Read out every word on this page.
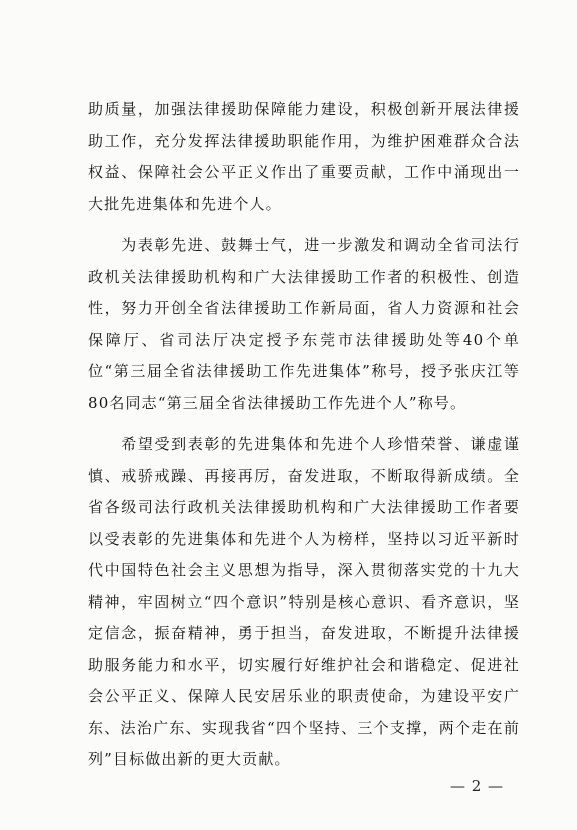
助质量，加强法律援助保障能力建设，积极创新开展法律援助工作，充分发挥法律援助职能作用，为维护困难群众合法权益、保障社会公平正义作出了重要贡献，工作中涌现出一大批先进集体和先进个人。

　　为表彰先进、鼓舞士气，进一步激发和调动全省司法行政机关法律援助机构和广大法律援助工作者的积极性、创造性，努力开创全省法律援助工作新局面，省人力资源和社会保障厅、省司法厅决定授予东莞市法律援助处等40个单位“第三届全省法律援助工作先进集体”称号，授予张庆江等80名同志“第三届全省法律援助工作先进个人”称号。

　　希望受到表彰的先进集体和先进个人珍惜荣誉、谦虚谨慎、戒骄戒躁、再接再厉，奋发进取，不断取得新成绩。全省各级司法行政机关法律援助机构和广大法律援助工作者要以受表彰的先进集体和先进个人为榜样，坚持以习近平新时代中国特色社会主义思想为指导，深入贯彻落实党的十九大精神，牢固树立“四个意识”特别是核心意识、看齐意识，坚定信念，振奋精神，勇于担当，奋发进取，不断提升法律援助服务能力和水平，切实履行好维护社会和谐稳定、促进社会公平正义、保障人民安居乐业的职责使命，为建设平安广东、法治广东、实现我省“四个坚持、三个支撑，两个走在前列”目标做出新的更大贡献。

— 2 —
